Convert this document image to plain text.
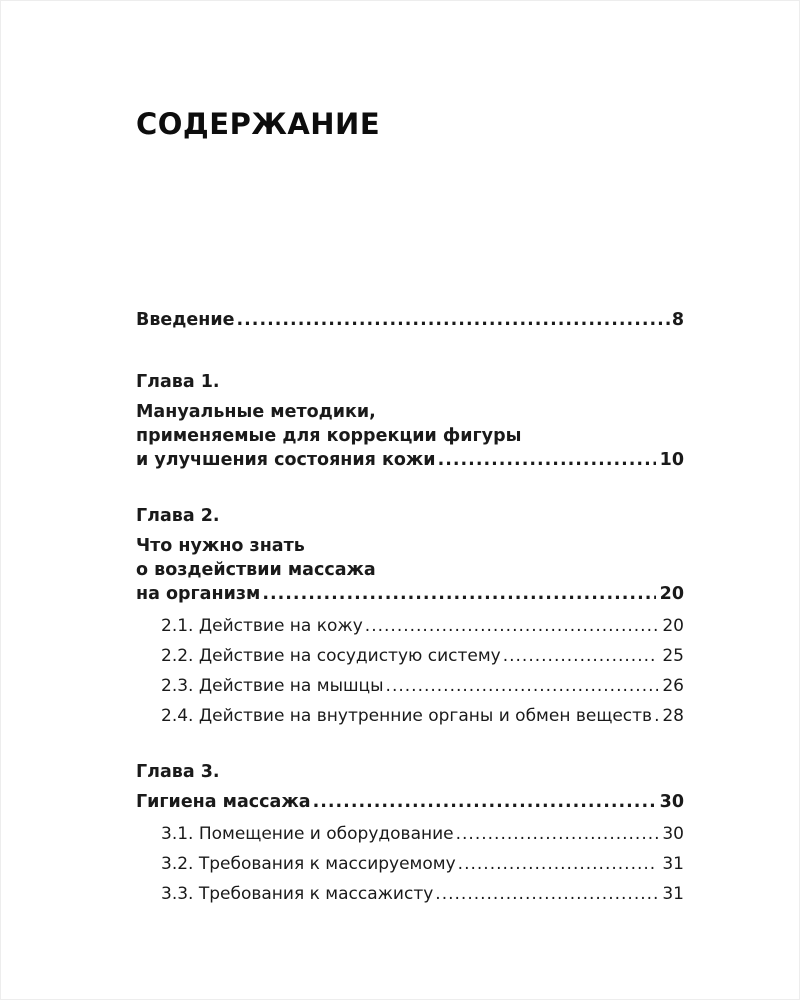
СОДЕРЖАНИЕ
Введение .....	8
Глава 1.
Мануальные методики,
применяемые для коррекции фигуры
и улучшения состояния кожи .....	10
Глава 2.
Что нужно знать
о воздействии массажа
на организм .....	20
2.1. Действие на кожу .....	20
2.2. Действие на сосудистую систему .....	25
2.3. Действие на мышцы .....	26
2.4. Действие на внутренние органы и обмен веществ ..... 28
Глава 3.
Гигиена массажа .....	30
3.1. Помещение и оборудование .....	30
3.2. Требования к массируемому .....	31
3.3. Требования к массажисту .....	31
